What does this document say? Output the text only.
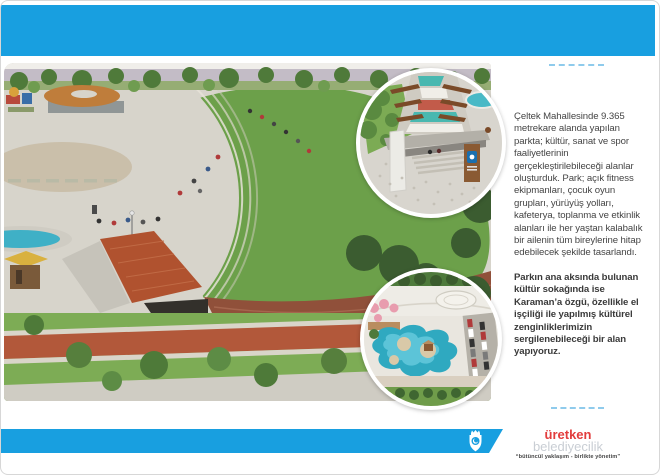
Çeltek Mahallesinde 9.365 metrekare alanda yapılan parkta; kültür, sanat ve spor faaliyetlerinin gerçekleştirilebileceği alanlar oluşturduk. Park; açık fitness ekipmanları, çocuk oyun grupları, yürüyüş yolları, kafeterya, toplanma ve etkinlik alanları ile her yaştan kalabalık bir ailenin tüm bireylerine hitap edebilecek şekilde tasarlandı.

Parkın ana aksında bulunan kültür sokağında ise Karaman’a özgü, özellikle el işçiliği ile yapılmış kültürel zenginliklerimizin sergilenebileceği bir alan yapıyoruz.

üretken
belediyecilik
“bütüncül yaklaşım - birlikte yönetim”
